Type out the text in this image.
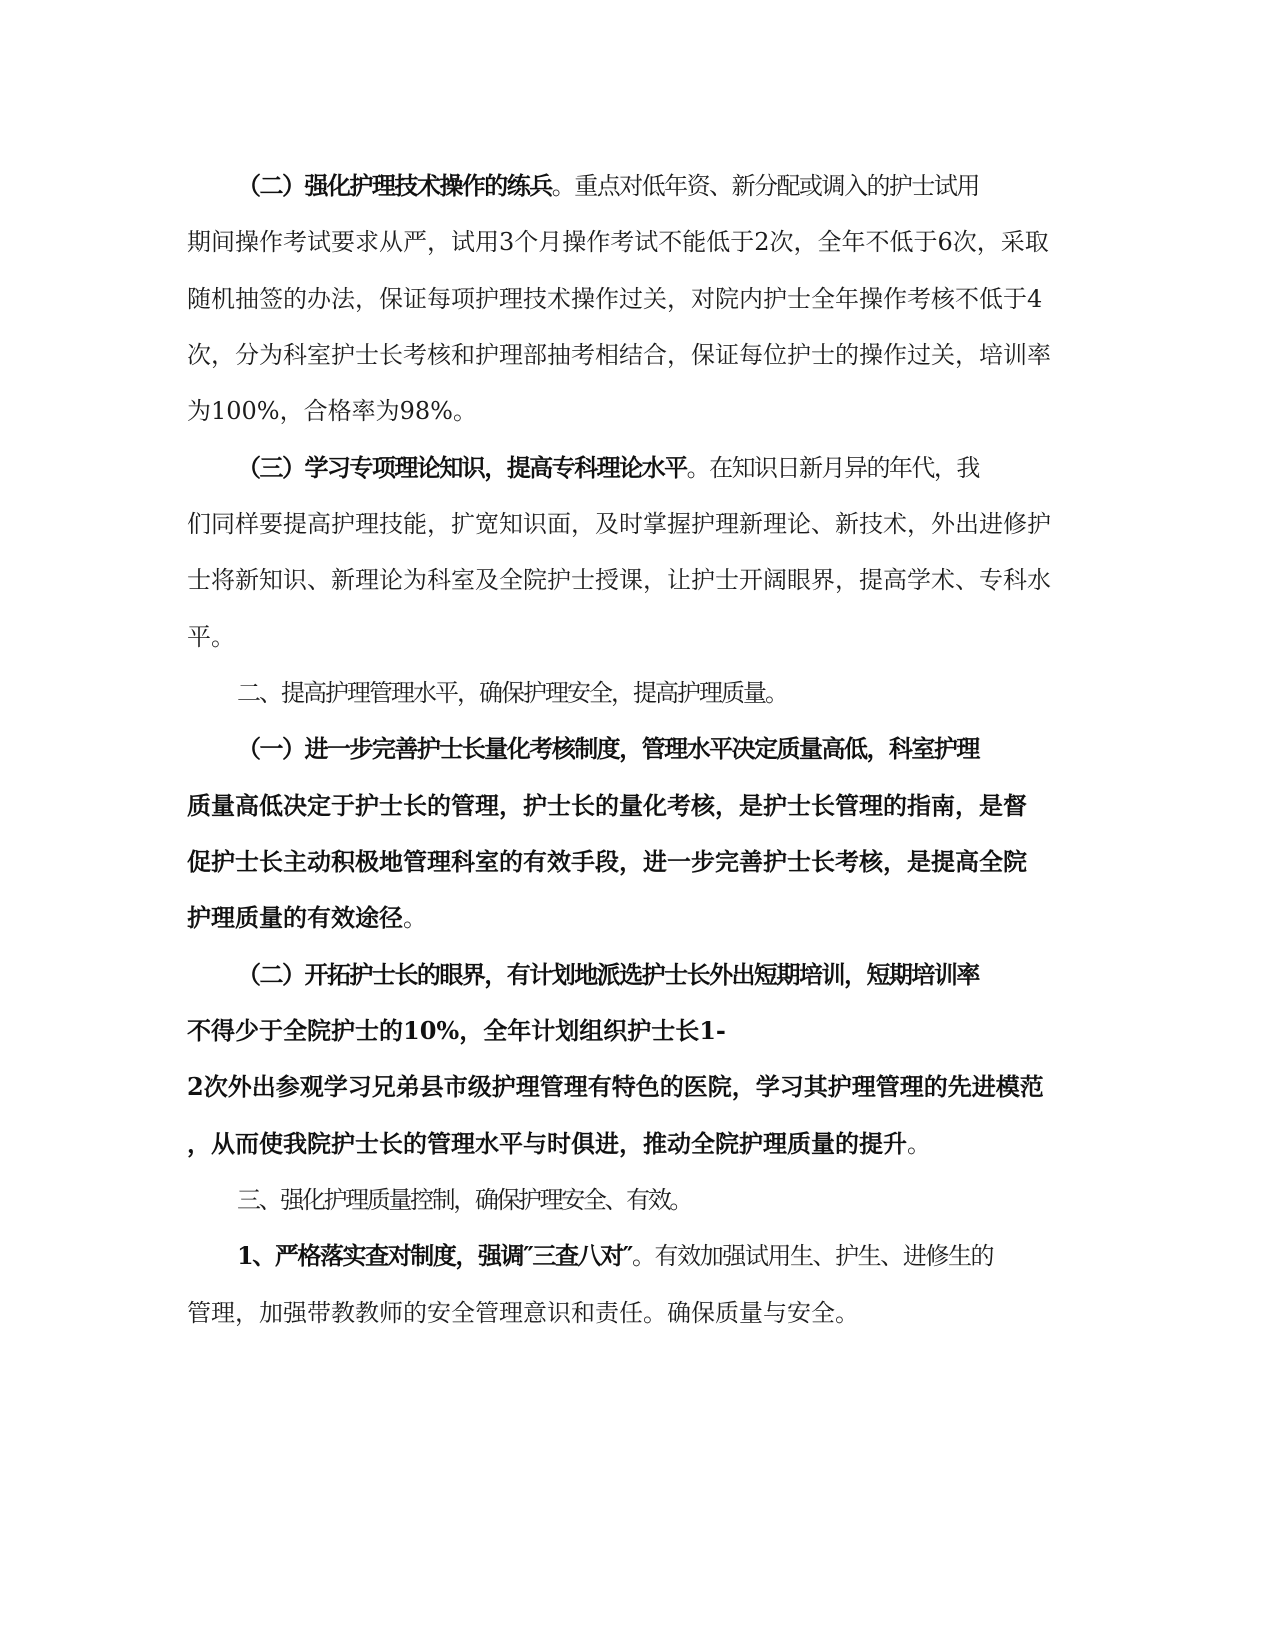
（二）强化护理技术操作的练兵。重点对低年资、新分配或调入的护士试用
期间操作考试要求从严，试用3个月操作考试不能低于2次，全年不低于6次，采取
随机抽签的办法，保证每项护理技术操作过关，对院内护士全年操作考核不低于4
次，分为科室护士长考核和护理部抽考相结合，保证每位护士的操作过关，培训率
为100%，合格率为98%。
（三）学习专项理论知识，提高专科理论水平。在知识日新月异的年代，我
们同样要提高护理技能，扩宽知识面，及时掌握护理新理论、新技术，外出进修护
士将新知识、新理论为科室及全院护士授课，让护士开阔眼界，提高学术、专科水
平。
二、提高护理管理水平，确保护理安全，提高护理质量。
（一）进一步完善护士长量化考核制度，管理水平决定质量高低，科室护理
质量高低决定于护士长的管理，护士长的量化考核，是护士长管理的指南，是督
促护士长主动积极地管理科室的有效手段，进一步完善护士长考核，是提高全院
护理质量的有效途径。
（二）开拓护士长的眼界，有计划地派选护士长外出短期培训，短期培训率
不得少于全院护士的10%，全年计划组织护士长1-
2次外出参观学习兄弟县市级护理管理有特色的医院，学习其护理管理的先进模范
，从而使我院护士长的管理水平与时俱进，推动全院护理质量的提升。
三、强化护理质量控制，确保护理安全、有效。
1、严格落实查对制度，强调″三查八对″。有效加强试用生、护生、进修生的
管理，加强带教教师的安全管理意识和责任。确保质量与安全。
